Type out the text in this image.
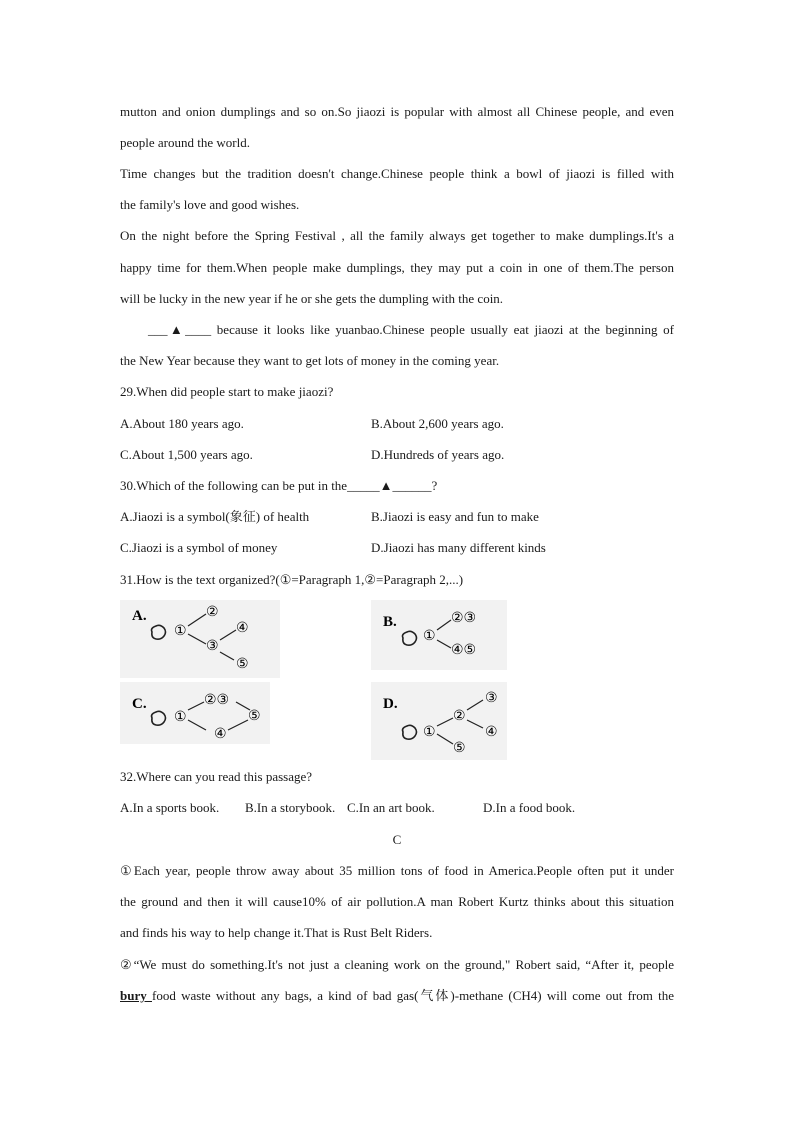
mutton and onion dumplings and so on.So jiaozi is popular with almost all Chinese people, and even
people around the world.
Time changes but the tradition doesn't change.Chinese people think a bowl of jiaozi is filled with
the family's love and good wishes.
On the night before the Spring Festival , all the family always get together to make dumplings.It's a
happy time for them.When people make dumplings, they may put a coin in one of them.The person
will be lucky in the new year if he or she gets the dumpling with the coin.
___▲____ because it looks like yuanbao.Chinese people usually eat jiaozi at the beginning of
the New Year because they want to get lots of money in the coming year.
29.When did people start to make jiaozi?
A.About 180 years ago.	B.About 2,600 years ago.
C.About 1,500 years ago.	D.Hundreds of years ago.
30.Which of the following can be put in the_____▲______?
A.Jiaozi is a symbol(象征) of health	B.Jiaozi is easy and fun to make
C.Jiaozi is a symbol of money	D.Jiaozi has many different kinds
31.How is the text organized?(①=Paragraph 1,②=Paragraph 2,...)
A.
①
②
③
④
⑤
B.
①
②③
④⑤
C.
①
②③
④
⑤
D.
①
②
⑤
③
④
32.Where can you read this passage?
A.In a sports book. B.In a storybook. C.In an art book.	D.In a food book.
C
①Each year, people throw away about 35 million tons of food in America.People often put it under
the ground and then it will cause10% of air pollution.A man Robert Kurtz thinks about this situation
and finds his way to help change it.That is Rust Belt Riders.
②“We must do something.It's not just a cleaning work on the ground," Robert said, “After it, people
bury food waste without any bags, a kind of bad gas(气体)-methane (CH4) will come out from the
